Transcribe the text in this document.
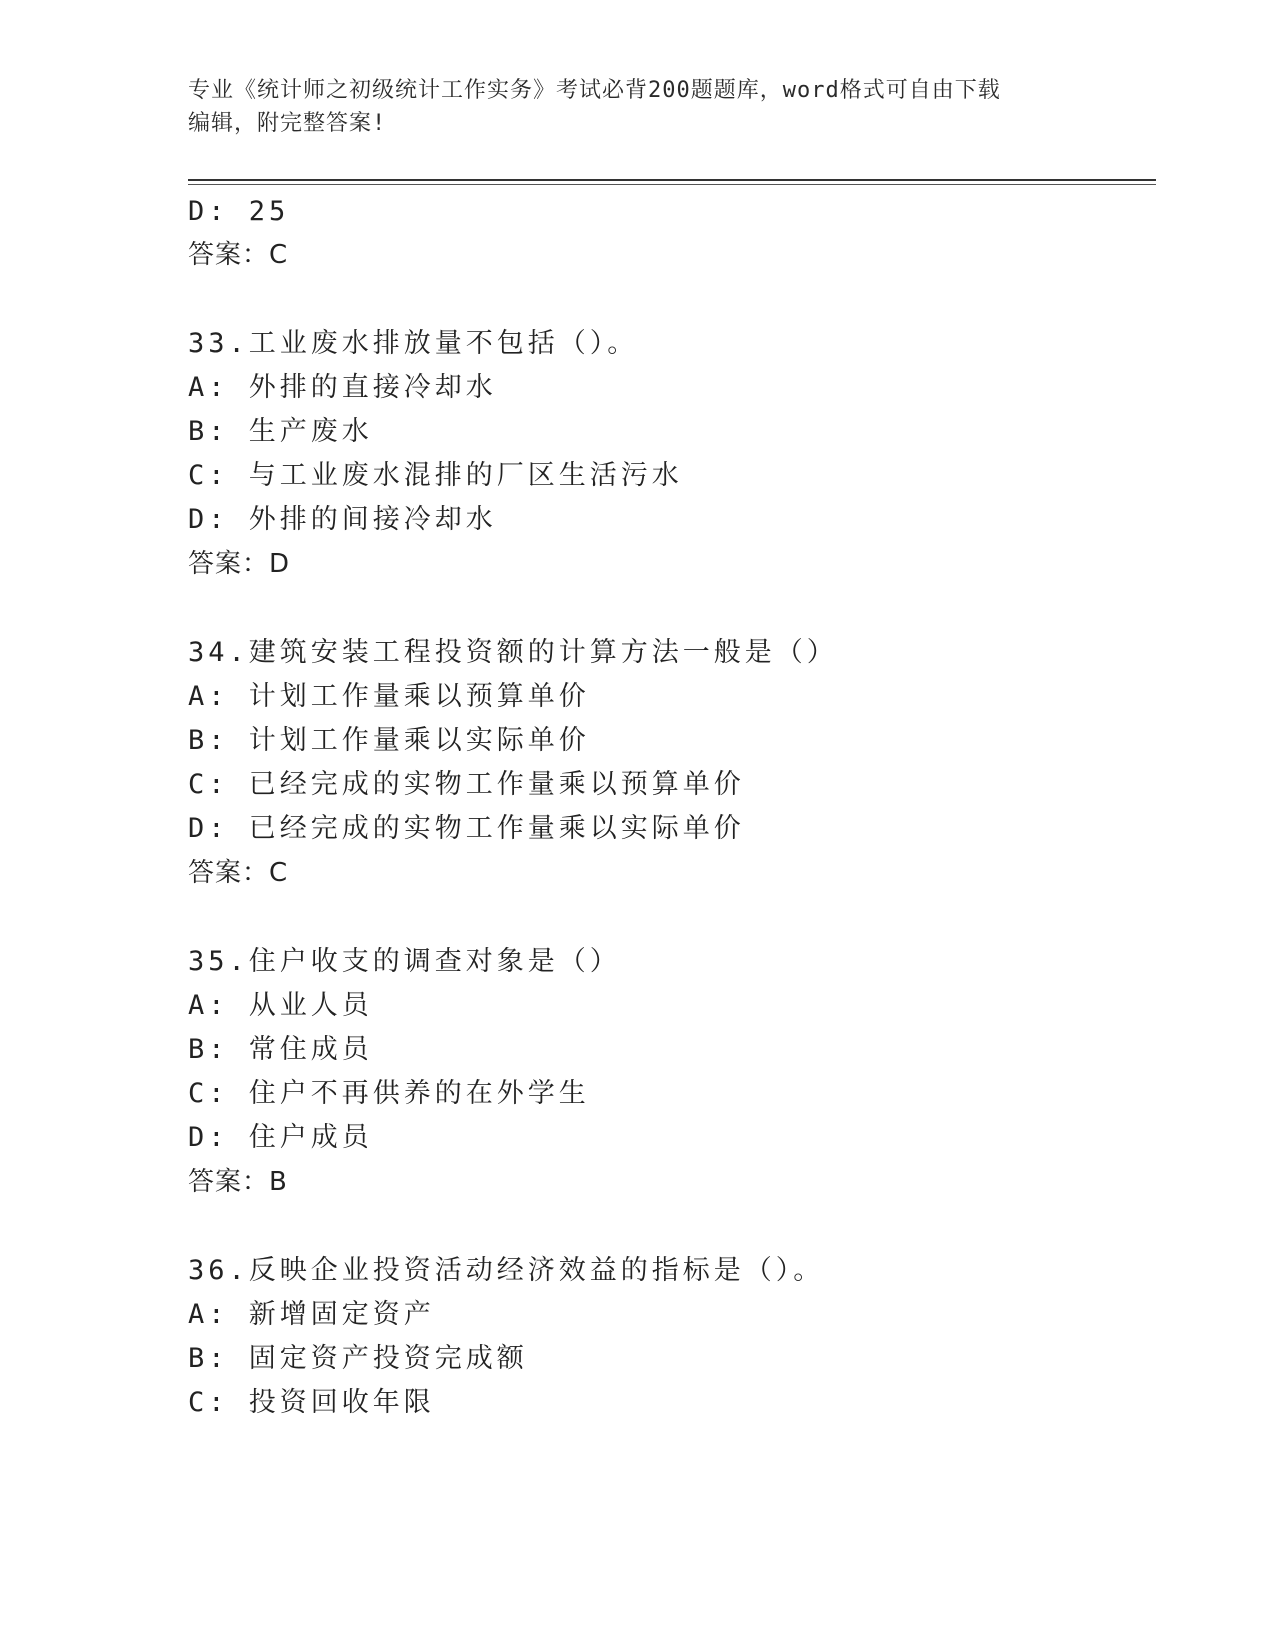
专业《统计师之初级统计工作实务》考试必背200题题库，word格式可自由下载
编辑，附完整答案!
D: 25
答案：C
33.工业废水排放量不包括（）。
A: 外排的直接冷却水
B: 生产废水
C: 与工业废水混排的厂区生活污水
D: 外排的间接冷却水
答案：D
34.建筑安装工程投资额的计算方法一般是（）
A: 计划工作量乘以预算单价
B: 计划工作量乘以实际单价
C: 已经完成的实物工作量乘以预算单价
D: 已经完成的实物工作量乘以实际单价
答案：C
35.住户收支的调查对象是（）
A: 从业人员
B: 常住成员
C: 住户不再供养的在外学生
D: 住户成员
答案：B
36.反映企业投资活动经济效益的指标是（）。
A: 新增固定资产
B: 固定资产投资完成额
C: 投资回收年限
